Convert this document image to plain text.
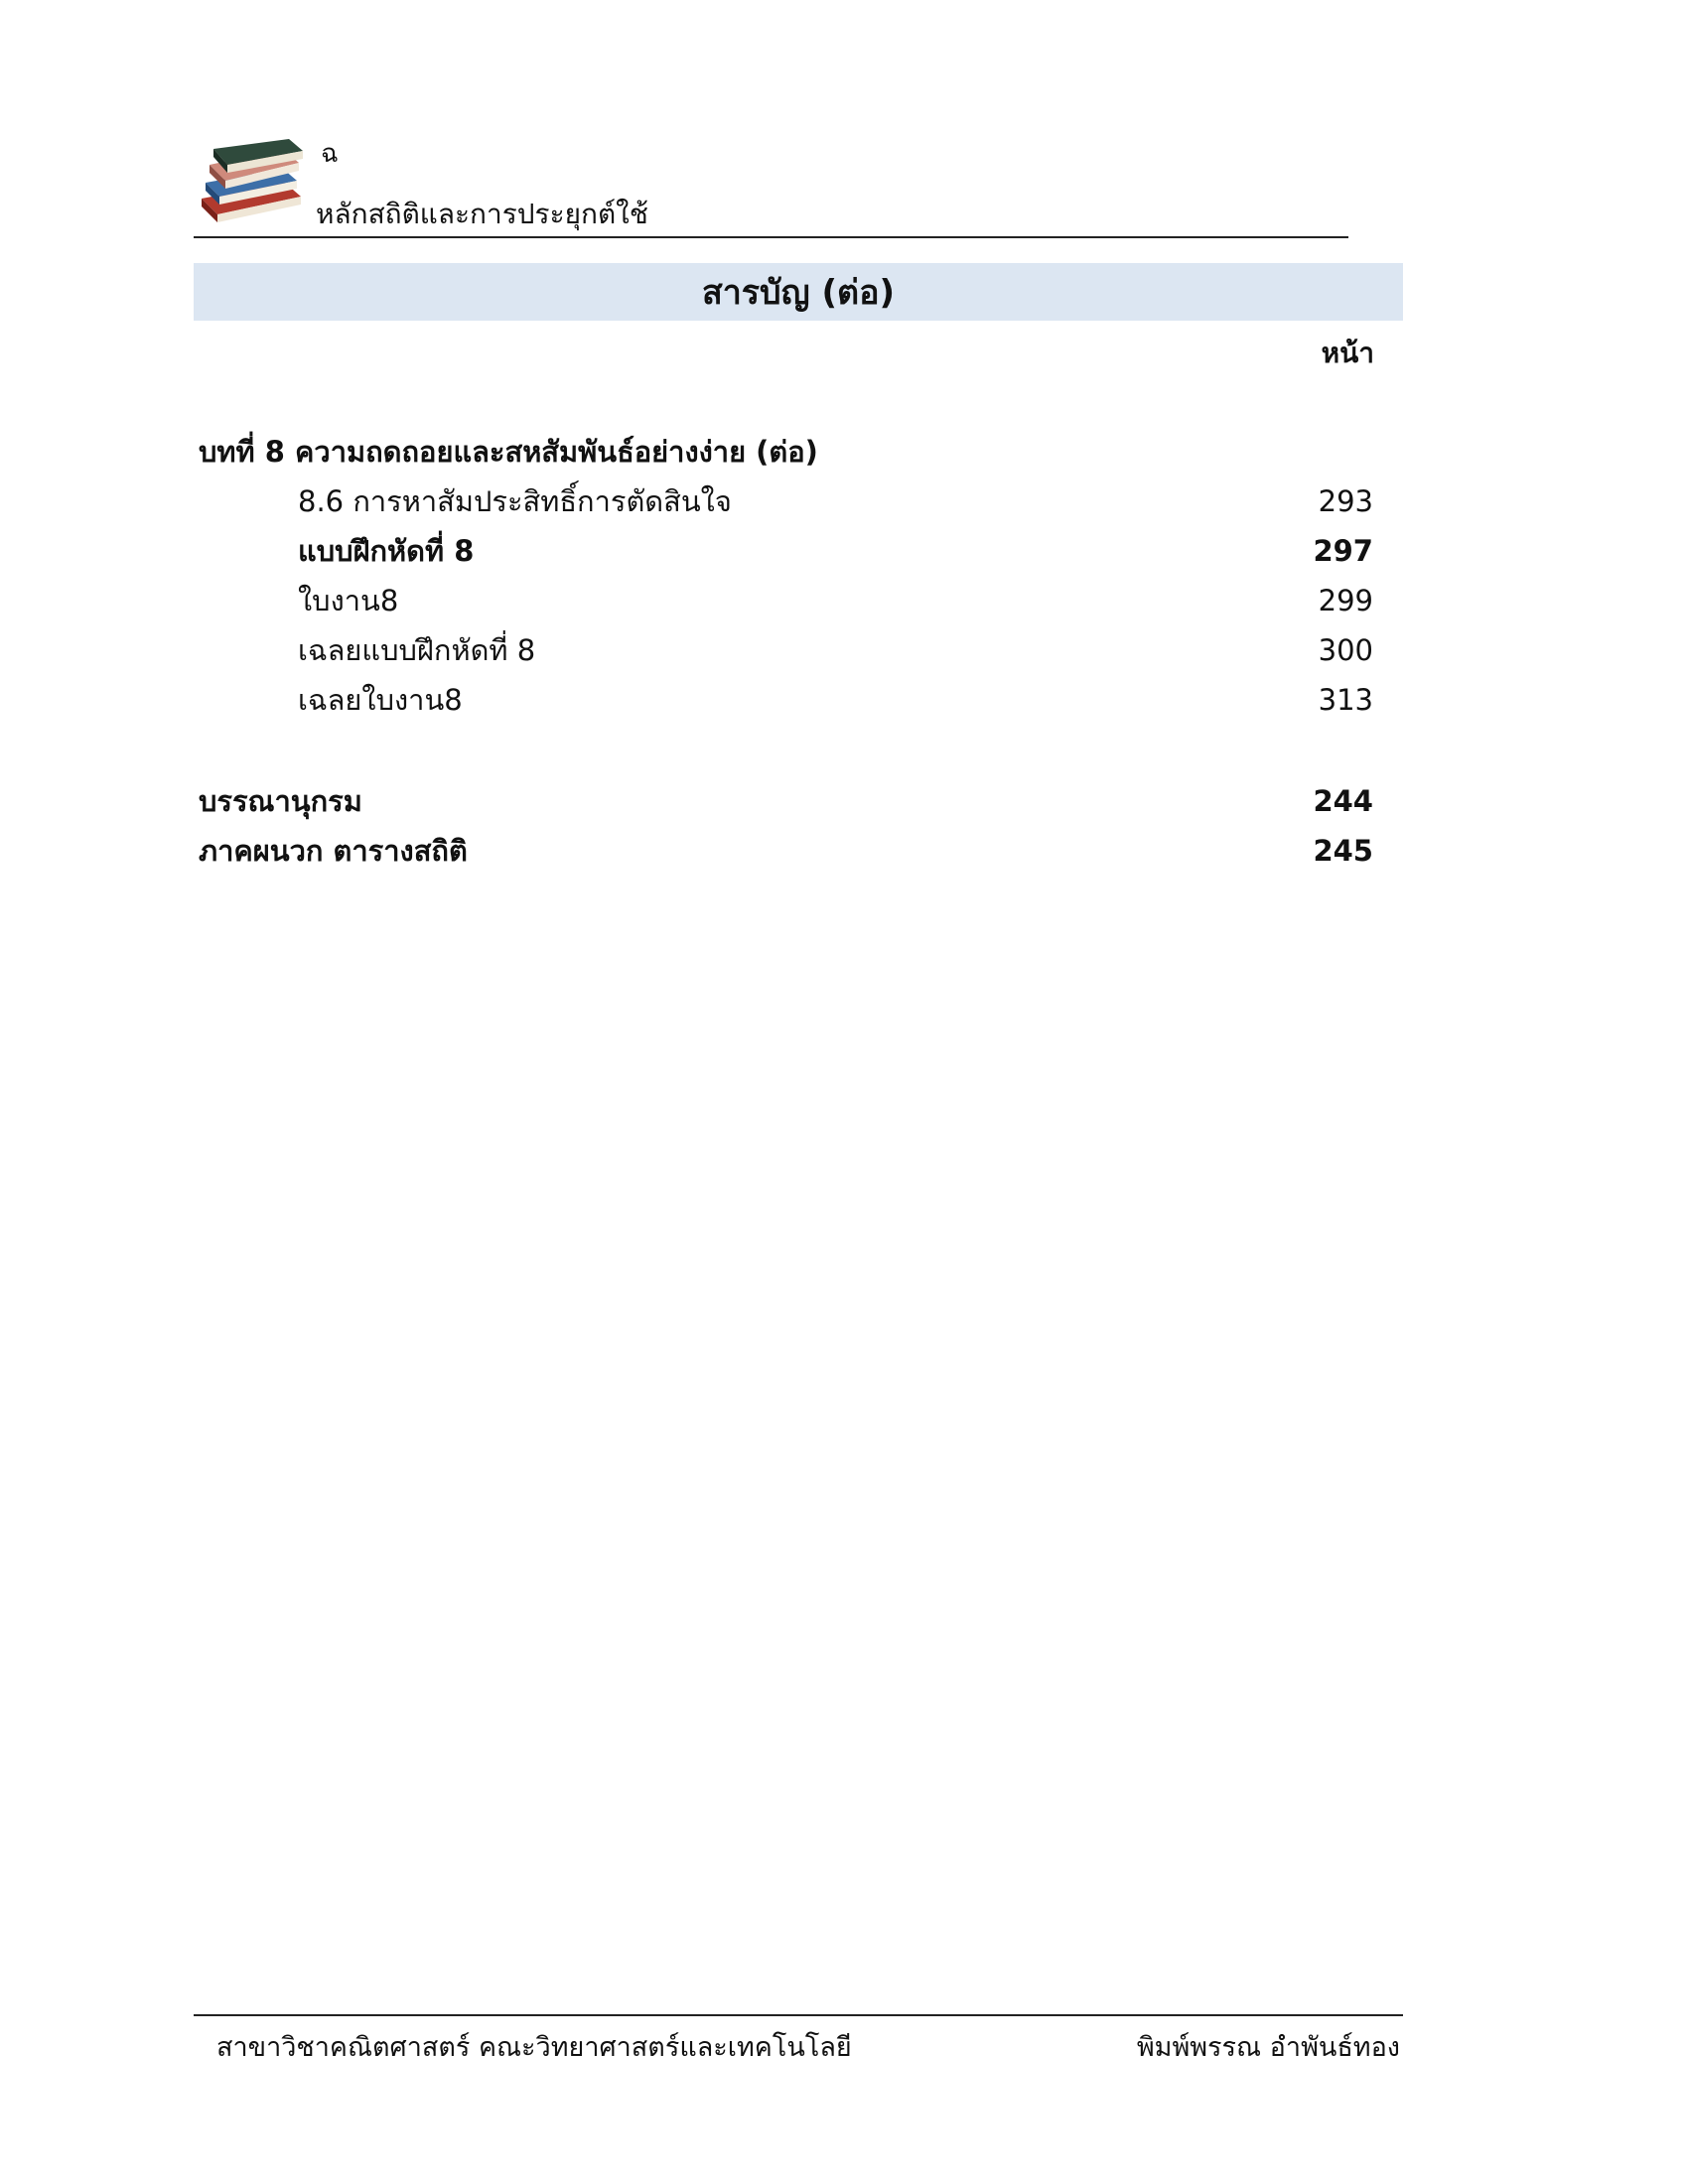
ฉ
หลักสถิติและการประยุกต์ใช้
สารบัญ (ต่อ)
หน้า
บทที่ 8 ความถดถอยและสหสัมพันธ์อย่างง่าย (ต่อ)
8.6 การหาสัมประสิทธิ์การตัดสินใจ	293
แบบฝึกหัดที่ 8	297
ใบงาน8	299
เฉลยแบบฝึกหัดที่ 8	300
เฉลยใบงาน8	313
บรรณานุกรม	244
ภาคผนวก ตารางสถิติ	245
สาขาวิชาคณิตศาสตร์ คณะวิทยาศาสตร์และเทคโนโลยี	พิมพ์พรรณ อำพันธ์ทอง
